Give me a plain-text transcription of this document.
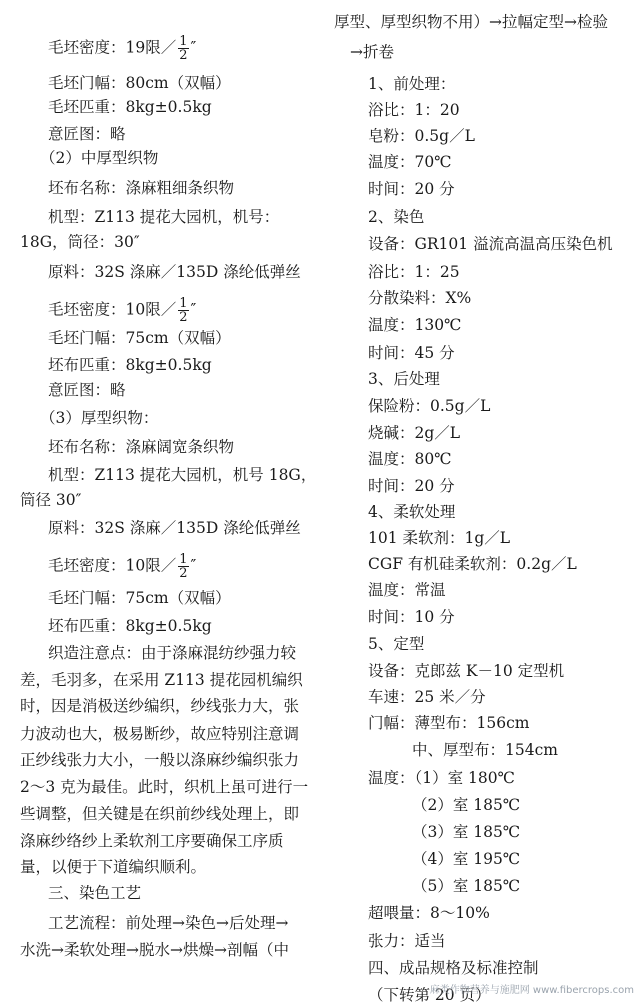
毛坯密度：19限／ $\frac{1}{2}$ ″
毛坯门幅：80cm（双幅）
毛坯匹重：8kg±0.5kg
意匠图：略
（2）中厚型织物
坯布名称：涤麻粗细条织物
机型：Z113 提花大园机，机号：
18G，筒径：30″
原料：32S 涤麻／135D 涤纶低弹丝
毛坯密度：10限／ $\frac{1}{2}$ ″
毛坯门幅：75cm（双幅）
坯布匹重：8kg±0.5kg
意匠图：略
（3）厚型织物：
坯布名称：涤麻阔宽条织物
机型：Z113 提花大园机，机号 18G，
筒径 30″
原料：32S 涤麻／135D 涤纶低弹丝
毛坯密度：10限／ $\frac{1}{2}$ ″
毛坯门幅：75cm（双幅）
坯布匹重：8kg±0.5kg
织造注意点：由于涤麻混纺纱强力较
差，毛羽多，在采用 Z113 提花园机编织
时，因是消极送纱编织，纱线张力大，张
力波动也大，极易断纱，故应特别注意调
正纱线张力大小，一般以涤麻纱编织张力
2～3 克为最佳。此时，织机上虽可进行一
些调整，但关键是在织前纱线处理上，即
涤麻纱络纱上柔软剂工序要确保工序质
量，以便于下道编织顺利。
三、染色工艺
工艺流程：前处理→染色→后处理→
水洗→柔软处理→脱水→烘燥→剖幅（中
厚型、厚型织物不用）→拉幅定型→检验
→折卷
1、前处理：
浴比：1：20
皂粉：0.5g／L
温度：70℃
时间：20 分
2、染色
设备：GR101 溢流高温高压染色机
浴比：1：25
分散染料：X%
温度：130℃
时间：45 分
3、后处理
保险粉：0.5g／L
烧碱：2g／L
温度：80℃
时间：20 分
4、柔软处理
101 柔软剂：1g／L
CGF 有机硅柔软剂：0.2g／L
温度：常温
时间：10 分
5、定型
设备：克郎兹 K－10 定型机
车速：25 米／分
门幅：薄型布：156cm
中、厚型布：154cm
温度：（1）室 180℃
（2）室 185℃
（3）室 185℃
（4）室 195℃
（5）室 185℃
超喂量：8～10%
张力：适当
四、成品规格及标准控制
（下转第 20 页）
麻类作物营养与施肥网 www.fibercrops.com
